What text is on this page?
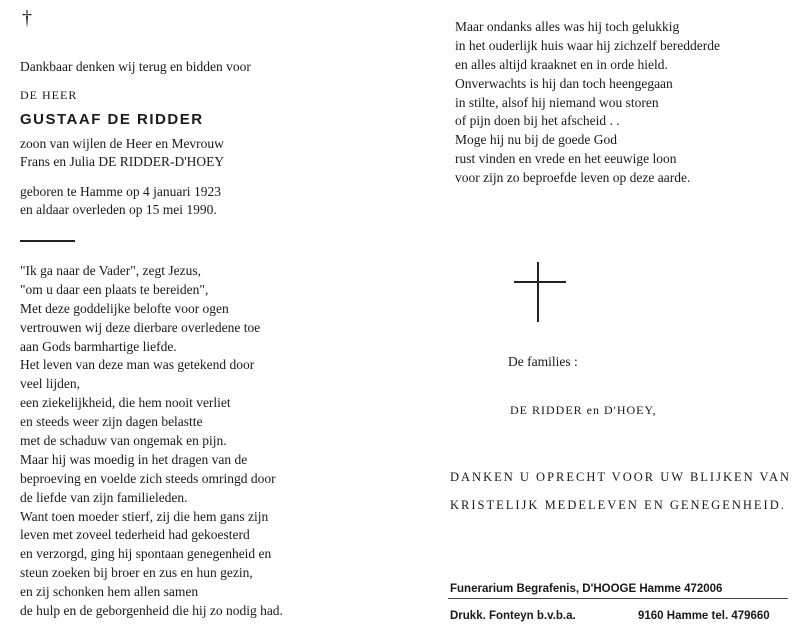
†
Dankbaar denken wij terug en bidden voor
DE HEER
GUSTAAF DE RIDDER
zoon van wijlen de Heer en Mevrouw
Frans en Julia DE RIDDER-D'HOEY
geboren te Hamme op 4 januari 1923
en aldaar overleden op 15 mei 1990.
"Ik ga naar de Vader", zegt Jezus,
"om u daar een plaats te bereiden",
Met deze goddelijke belofte voor ogen
vertrouwen wij deze dierbare overledene toe
aan Gods barmhartige liefde.
Het leven van deze man was getekend door
veel lijden,
een ziekelijkheid, die hem nooit verliet
en steeds weer zijn dagen belastte
met de schaduw van ongemak en pijn.
Maar hij was moedig in het dragen van de
beproeving en voelde zich steeds omringd door
de liefde van zijn familieleden.
Want toen moeder stierf, zij die hem gans zijn
leven met zoveel tederheid had gekoesterd
en verzorgd, ging hij spontaan genegenheid en
steun zoeken bij broer en zus en hun gezin,
en zij schonken hem allen samen
de hulp en de geborgenheid die hij zo nodig had.
Maar ondanks alles was hij toch gelukkig
in het ouderlijk huis waar hij zichzelf beredderde
en alles altijd kraaknet en in orde hield.
Onverwachts is hij dan toch heengegaan
in stilte, alsof hij niemand wou storen
of pijn doen bij het afscheid . .
Moge hij nu bij de goede God
rust vinden en vrede en het eeuwige loon
voor zijn zo beproefde leven op deze aarde.
De families :
DE RIDDER en D'HOEY,
DANKEN U OPRECHT VOOR UW BLIJKEN VAN
KRISTELIJK MEDELEVEN EN GENEGENHEID.
Funerarium Begrafenis, D'HOOGE Hamme 472006
Drukk. Fonteyn b.v.b.a.	9160 Hamme tel. 479660
